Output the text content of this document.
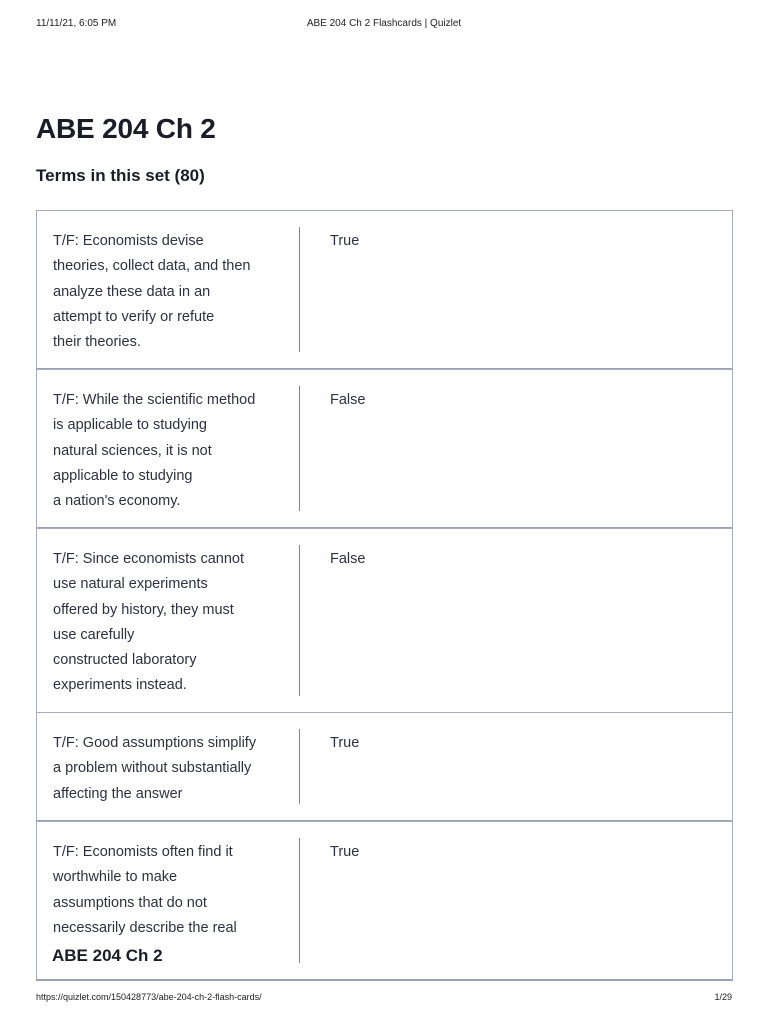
11/11/21, 6:05 PM	ABE 204 Ch 2 Flashcards | Quizlet
ABE 204 Ch 2
Terms in this set (80)
T/F: Economists devise
theories, collect data, and then
analyze these data in an
attempt to verify or refute
their theories.
True
T/F: While the scientific method
is applicable to studying
natural sciences, it is not
applicable to studying
a nation's economy.
False
T/F: Since economists cannot
use natural experiments
offered by history, they must
use carefully
constructed laboratory
experiments instead.
False
T/F: Good assumptions simplify
a problem without substantially
affecting the answer
True
T/F: Economists often find it
worthwhile to make
assumptions that do not
necessarily describe the real
True
ABE 204 Ch 2
https://quizlet.com/150428773/abe-204-ch-2-flash-cards/	1/29
